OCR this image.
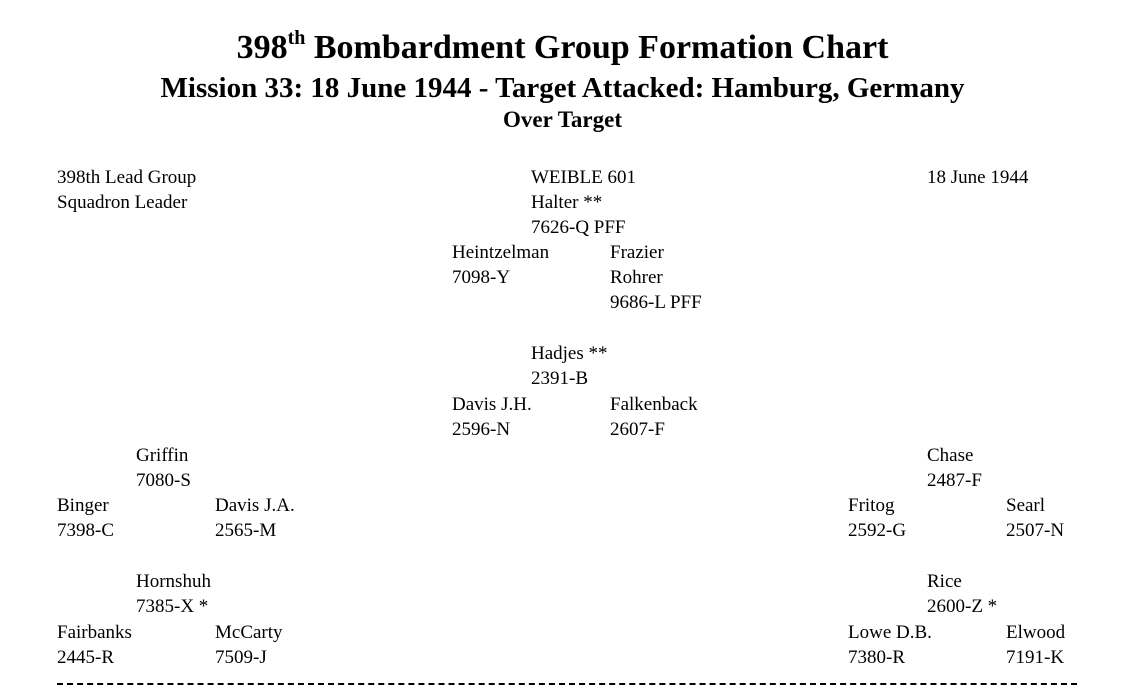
398th Bombardment Group Formation Chart
Mission 33: 18 June 1944 - Target Attacked: Hamburg, Germany
Over Target
398th Lead Group
Squadron Leader
18 June 1944
WEIBLE 601
Halter **
7626-Q PFF
Heintzelman
7098-Y
Frazier
Rohrer
9686-L PFF
Hadjes **
2391-B
Davis J.H.
2596-N
Falkenback
2607-F
Griffin
7080-S
Binger
7398-C
Davis J.A.
2565-M
Chase
2487-F
Fritog
2592-G
Searl
2507-N
Hornshuh
7385-X *
Fairbanks
2445-R
McCarty
7509-J
Rice
2600-Z *
Lowe D.B.
7380-R
Elwood
7191-K
